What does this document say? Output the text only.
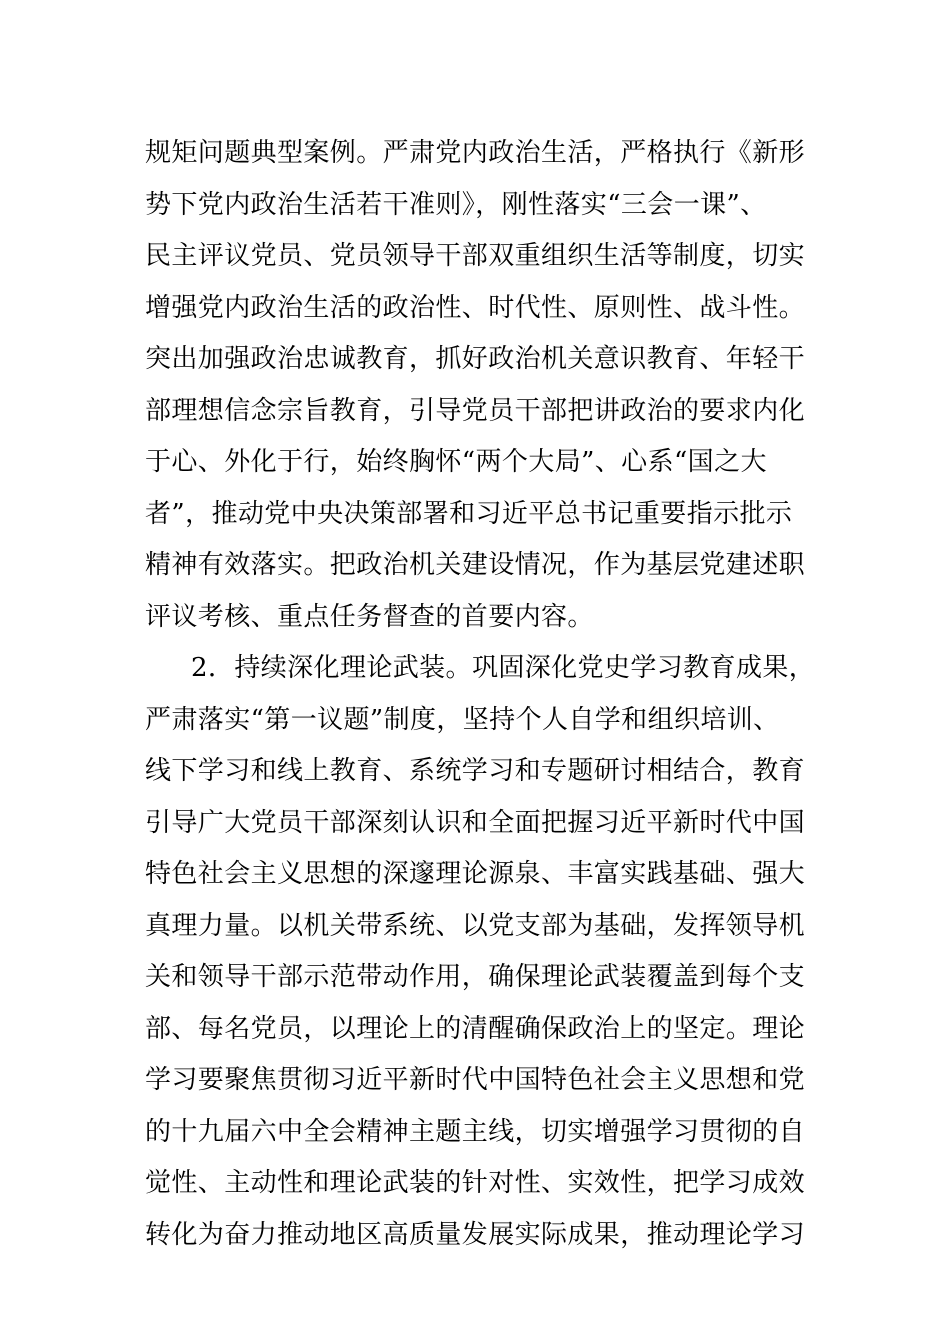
规矩问题典型案例。严肃党内政治生活，严格执行《新形
势下党内政治生活若干准则》，刚性落实“三会一课”、
民主评议党员、党员领导干部双重组织生活等制度，切实
增强党内政治生活的政治性、时代性、原则性、战斗性。
突出加强政治忠诚教育，抓好政治机关意识教育、年轻干
部理想信念宗旨教育，引导党员干部把讲政治的要求内化
于心、外化于行，始终胸怀“两个大局”、心系“国之大
者”，推动党中央决策部署和习近平总书记重要指示批示
精神有效落实。把政治机关建设情况，作为基层党建述职
评议考核、重点任务督查的首要内容。
2．持续深化理论武装。巩固深化党史学习教育成果，
严肃落实“第一议题”制度，坚持个人自学和组织培训、
线下学习和线上教育、系统学习和专题研讨相结合，教育
引导广大党员干部深刻认识和全面把握习近平新时代中国
特色社会主义思想的深邃理论源泉、丰富实践基础、强大
真理力量。以机关带系统、以党支部为基础，发挥领导机
关和领导干部示范带动作用，确保理论武装覆盖到每个支
部、每名党员，以理论上的清醒确保政治上的坚定。理论
学习要聚焦贯彻习近平新时代中国特色社会主义思想和党
的十九届六中全会精神主题主线，切实增强学习贯彻的自
觉性、主动性和理论武装的针对性、实效性，把学习成效
转化为奋力推动地区高质量发展实际成果，推动理论学习
